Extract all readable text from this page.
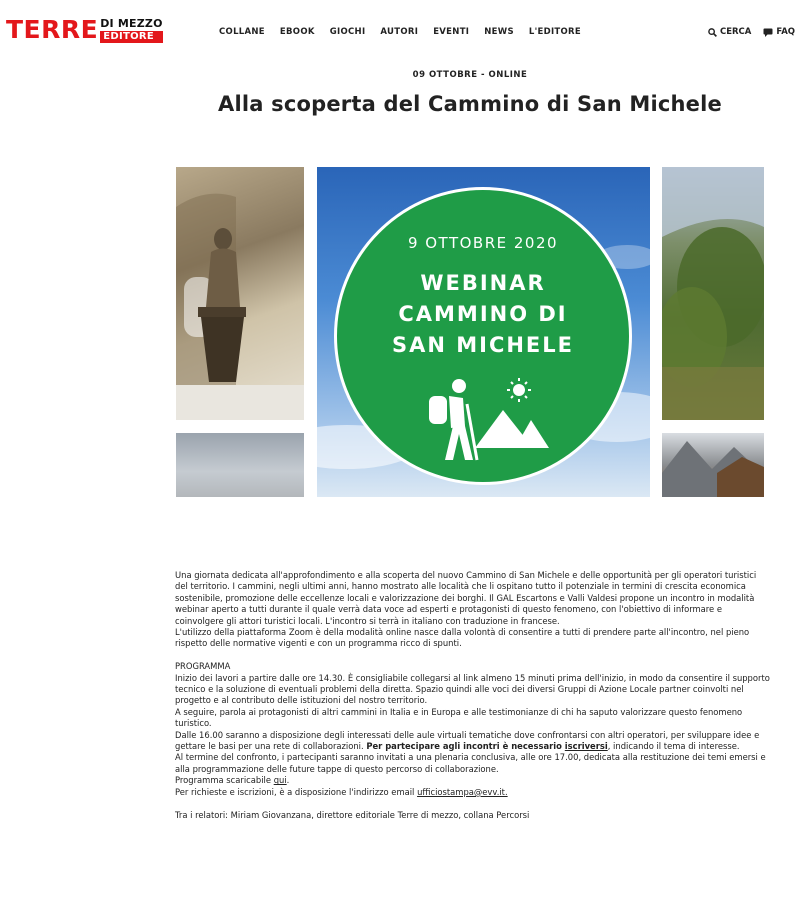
TERRE DI MEZZO
EDITORE	COLLANE EBOOK GIOCHI AUTORI EVENTI NEWS L'EDITORE	CERCA	FAQ
09 OTTOBRE - ONLINE
Alla scoperta del Cammino di San Michele
9 OTTOBRE 2020
WEBINAR
CAMMINO DI
SAN MICHELE

Una giornata dedicata all'approfondimento e alla scoperta del nuovo Cammino di San Michele e delle opportunità per gli operatori turistici del territorio. I cammini, negli ultimi anni, hanno mostrato alle località che li ospitano tutto il potenziale in termini di crescita economica sostenibile, promozione delle eccellenze locali e valorizzazione dei borghi. Il GAL Escartons e Valli Valdesi propone un incontro in modalità webinar aperto a tutti durante il quale verrà data voce ad esperti e protagonisti di questo fenomeno, con l'obiettivo di informare e coinvolgere gli attori turistici locali. L'incontro si terrà in italiano con traduzione in francese.

L'utilizzo della piattaforma Zoom è della modalità online nasce dalla volontà di consentire a tutti di prendere parte all'incontro, nel pieno rispetto delle normative vigenti e con un programma ricco di spunti.

PROGRAMMA

Inizio dei lavori a partire dalle ore 14.30. È consigliabile collegarsi al link almeno 15 minuti prima dell'inizio, in modo da consentire il supporto tecnico e la soluzione di eventuali problemi della diretta. Spazio quindi alle voci dei diversi Gruppi di Azione Locale partner coinvolti nel progetto e al contributo delle istituzioni del nostro territorio.

A seguire, parola ai protagonisti di altri cammini in Italia e in Europa e alle testimonianze di chi ha saputo valorizzare questo fenomeno turistico.

Dalle 16.00 saranno a disposizione degli interessati delle aule virtuali tematiche dove confrontarsi con altri operatori, per sviluppare idee e gettare le basi per una rete di collaborazioni. Per partecipare agli incontri è necessario iscriversi, indicando il tema di interesse.

Al termine del confronto, i partecipanti saranno invitati a una plenaria conclusiva, alle ore 17.00, dedicata alla restituzione dei temi emersi e alla programmazione delle future tappe di questo percorso di collaborazione.

Programma scaricabile qui.

Per richieste e iscrizioni, è a disposizione l'indirizzo email ufficiostampa@evv.it.

Tra i relatori: Miriam Giovanzana, direttore editoriale Terre di mezzo, collana Percorsi
